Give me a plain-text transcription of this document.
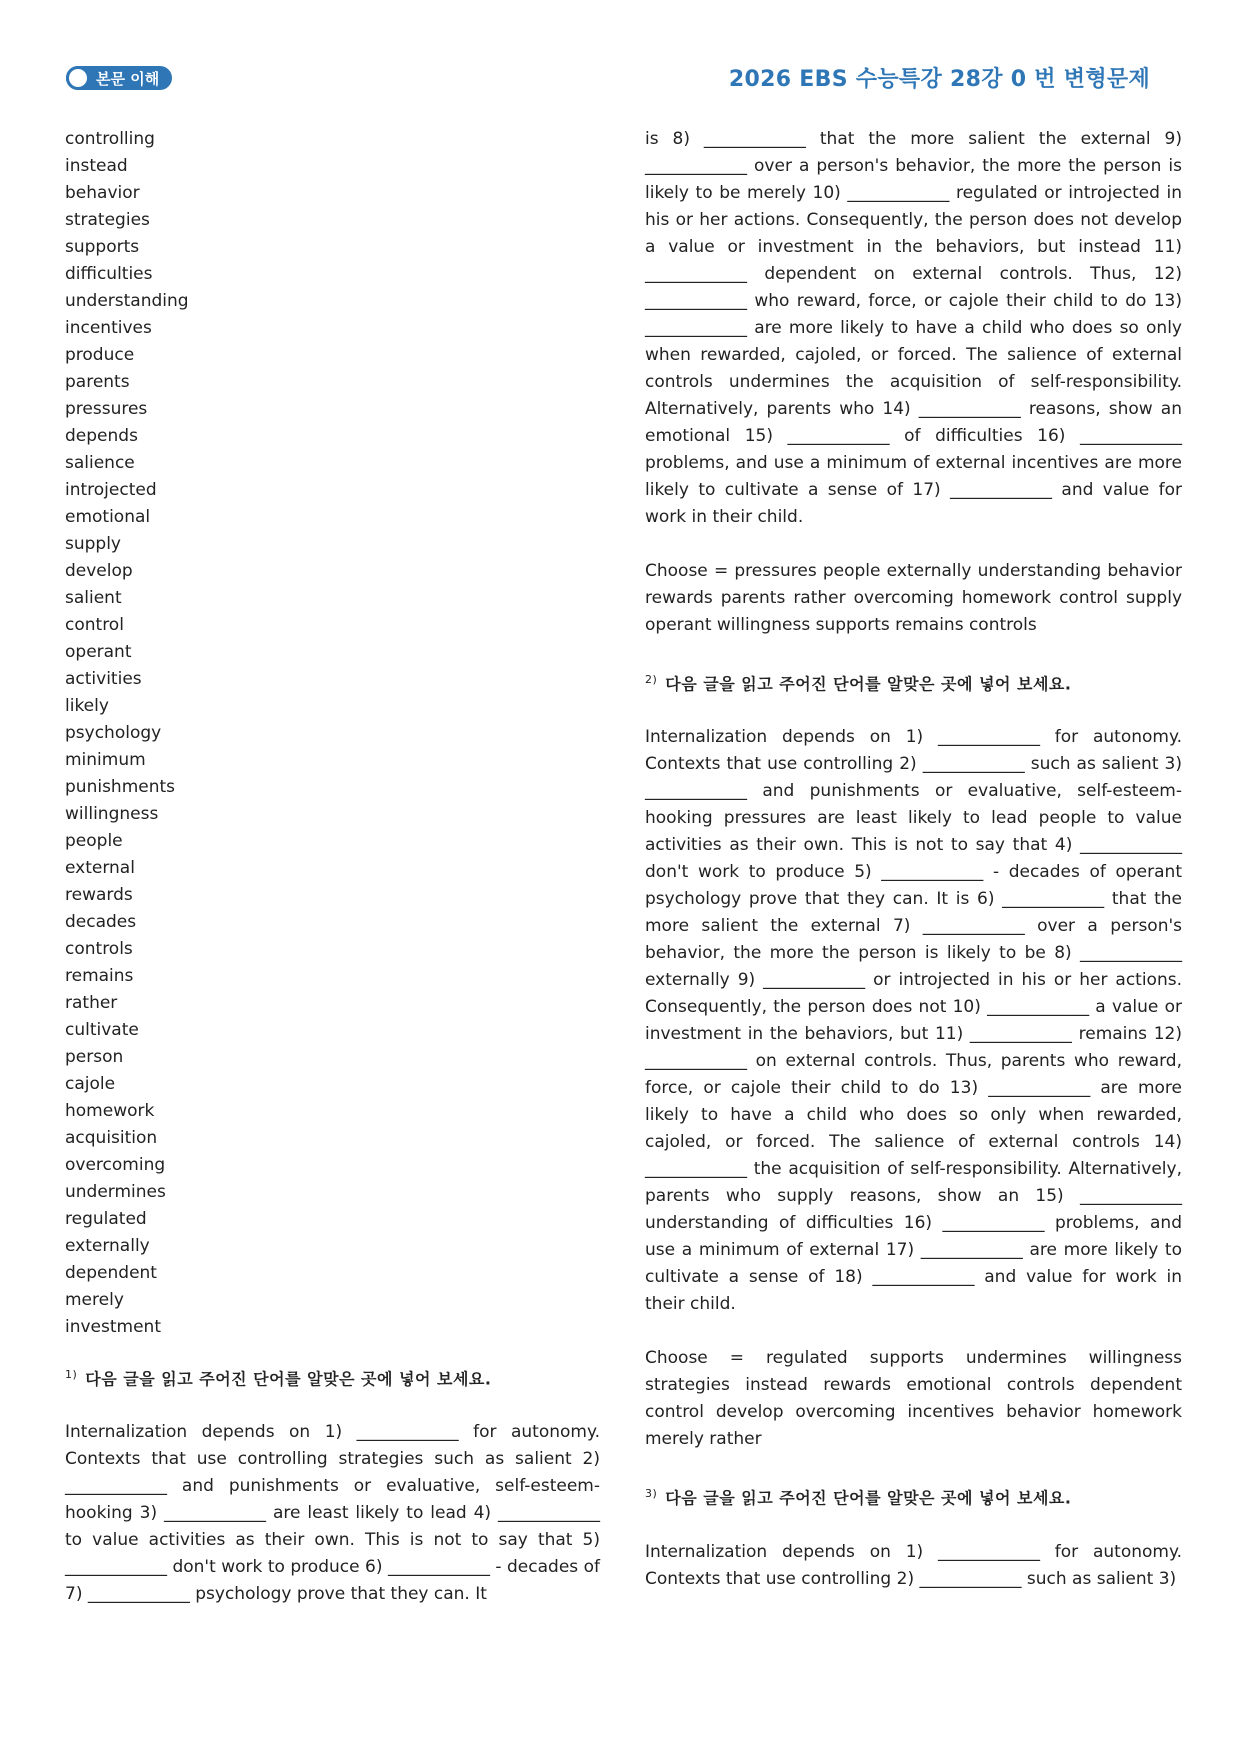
본문 이해	2026 EBS 수능특강 28강 0 번 변형문제
controlling
instead
behavior
strategies
supports
difficulties
understanding
incentives
produce
parents
pressures
depends
salience
introjected
emotional
supply
develop
salient
control
operant
activities
likely
psychology
minimum
punishments
willingness
people
external
rewards
decades
controls
remains
rather
cultivate
person
cajole
homework
acquisition
overcoming
undermines
regulated
externally
dependent
merely
investment
$^{1)}$ 다음 글을 읽고 주어진 단어를 알맞은 곳에 넣어 보세요.

Internalization depends on 1) ____________ for autonomy. Contexts that use controlling strategies such as salient 2) ____________ and punishments or evaluative, self-esteem-hooking 3) ____________ are least likely to lead 4) ____________ to value activities as their own. This is not to say that 5) ____________ don't work to produce 6) ____________ - decades of 7) ____________ psychology prove that they can. It

is 8) ____________ that the more salient the external 9) ____________ over a person's behavior, the more the person is likely to be merely 10) ____________ regulated or introjected in his or her actions. Consequently, the person does not develop a value or investment in the behaviors, but instead 11) ____________ dependent on external controls. Thus, 12) ____________ who reward, force, or cajole their child to do 13) ____________ are more likely to have a child who does so only when rewarded, cajoled, or forced. The salience of external controls undermines the acquisition of self-responsibility. Alternatively, parents who 14) ____________ reasons, show an emotional 15) ____________ of difficulties 16) ____________ problems, and use a minimum of external incentives are more likely to cultivate a sense of 17) ____________ and value for work in their child.

Choose = pressures people externally understanding behavior rewards parents rather overcoming homework control supply operant willingness supports remains controls

$^{2)}$ 다음 글을 읽고 주어진 단어를 알맞은 곳에 넣어 보세요.

Internalization depends on 1) ____________ for autonomy. Contexts that use controlling 2) ____________ such as salient 3) ____________ and punishments or evaluative, self-esteem-hooking pressures are least likely to lead people to value activities as their own. This is not to say that 4) ____________ don't work to produce 5) ____________ - decades of operant psychology prove that they can. It is 6) ____________ that the more salient the external 7) ____________ over a person's behavior, the more the person is likely to be 8) ____________ externally 9) ____________ or introjected in his or her actions. Consequently, the person does not 10) ____________ a value or investment in the behaviors, but 11) ____________ remains 12) ____________ on external controls. Thus, parents who reward, force, or cajole their child to do 13) ____________ are more likely to have a child who does so only when rewarded, cajoled, or forced. The salience of external controls 14) ____________ the acquisition of self-responsibility. Alternatively, parents who supply reasons, show an 15) ____________ understanding of difficulties 16) ____________ problems, and use a minimum of external 17) ____________ are more likely to cultivate a sense of 18) ____________ and value for work in their child.

Choose = regulated supports undermines willingness strategies instead rewards emotional controls dependent control develop overcoming incentives behavior homework merely rather

$^{3)}$ 다음 글을 읽고 주어진 단어를 알맞은 곳에 넣어 보세요.

Internalization depends on 1) ____________ for autonomy. Contexts that use controlling 2) ____________ such as salient 3)
